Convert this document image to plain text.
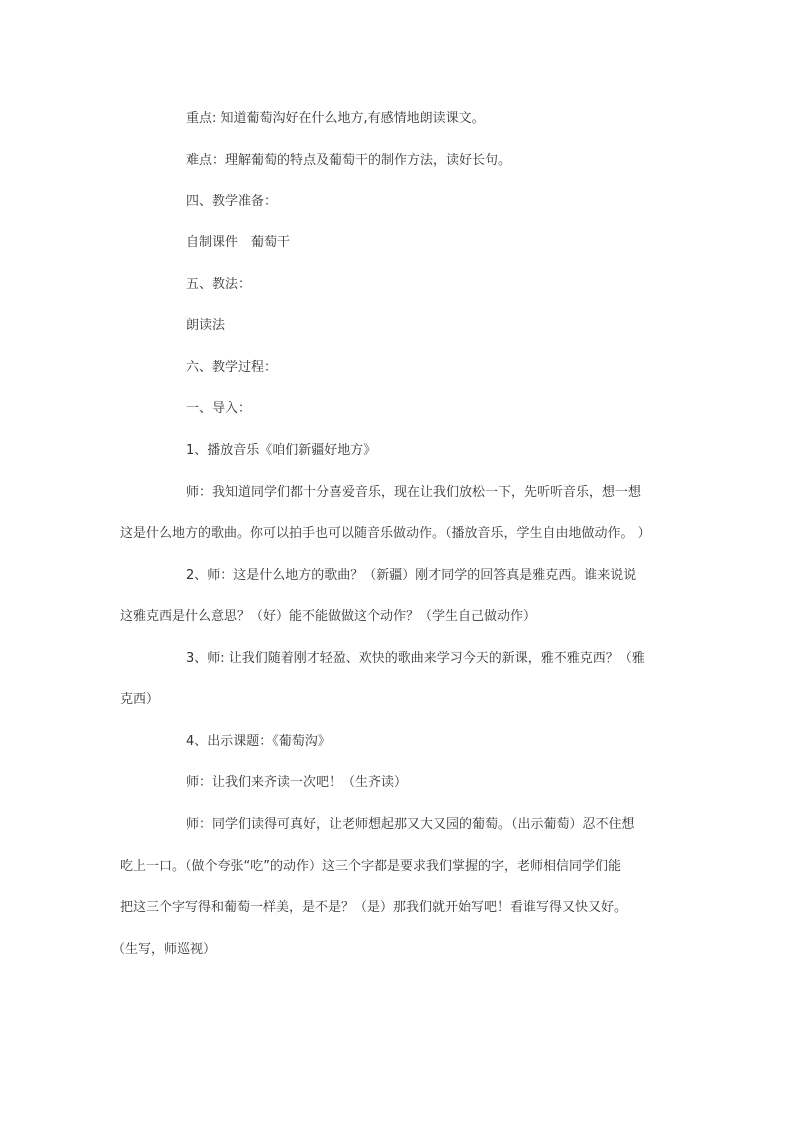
重点: 知道葡萄沟好在什么地方,有感情地朗读课文。
难点：理解葡萄的特点及葡萄干的制作方法，读好长句。
四、教学准备：
自制课件　葡萄干
五、教法：
朗读法
六、教学过程：
一、导入：
1、播放音乐《咱们新疆好地方》
师：我知道同学们都十分喜爱音乐，现在让我们放松一下，先听听音乐，想一想
这是什么地方的歌曲。你可以拍手也可以随音乐做动作。（播放音乐，学生自由地做动作。 ）
2、师：这是什么地方的歌曲？（新疆）刚才同学的回答真是雅克西。谁来说说
这雅克西是什么意思？（好）能不能做做这个动作？（学生自己做动作）
3、师: 让我们随着刚才轻盈、欢快的歌曲来学习今天的新课，雅不雅克西？（雅
克西）
4、出示课题：《葡萄沟》
师：让我们来齐读一次吧！（生齐读）
师：同学们读得可真好，让老师想起那又大又园的葡萄。（出示葡萄）忍不住想
吃上一口。（做个夸张“吃”的动作）这三个字都是要求我们掌握的字，老师相信同学们能
把这三个字写得和葡萄一样美，是不是？（是）那我们就开始写吧！看谁写得又快又好。
（生写，师巡视）
